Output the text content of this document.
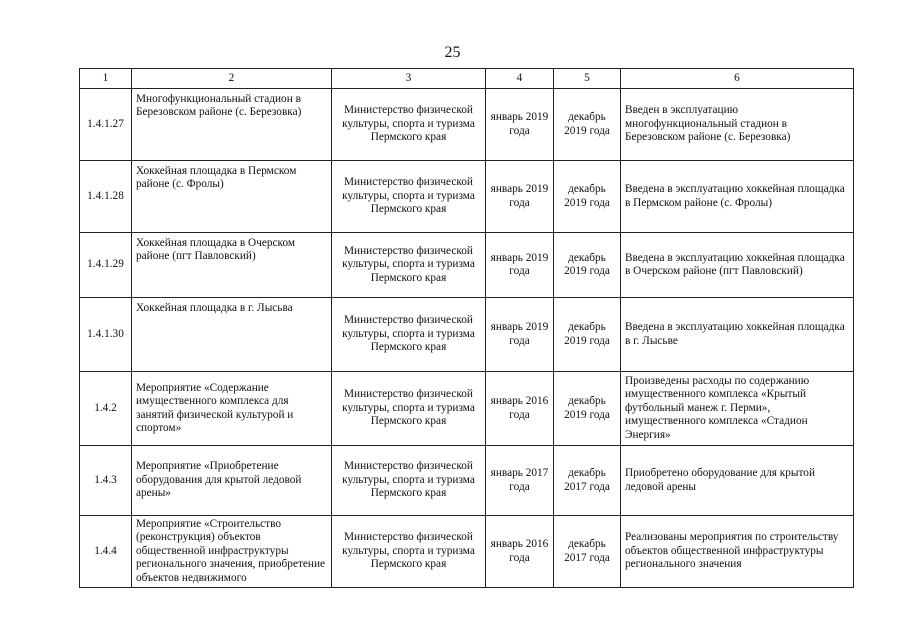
25
1	2	3	4	5	6
1.4.1.27	Многофункциональный стадион в Березовском районе (с. Березовка)	Министерство физической культуры, спорта и туризма Пермского края	январь 2019 года	декабрь 2019 года	Введен в эксплуатацию многофункциональный стадион в Березовском районе (с. Березовка)
1.4.1.28	Хоккейная площадка в Пермском районе (с. Фролы)	Министерство физической культуры, спорта и туризма Пермского края	январь 2019 года	декабрь 2019 года	Введена в эксплуатацию хоккейная площадка в Пермском районе (с. Фролы)
1.4.1.29	Хоккейная площадка в Очерском районе (пгт Павловский)	Министерство физической культуры, спорта и туризма Пермского края	январь 2019 года	декабрь 2019 года	Введена в эксплуатацию хоккейная площадка в Очерском районе (пгт Павловский)
1.4.1.30	Хоккейная площадка в г. Лысьва	Министерство физической культуры, спорта и туризма Пермского края	январь 2019 года	декабрь 2019 года	Введена в эксплуатацию хоккейная площадка в г. Лысьве
1.4.2	Мероприятие «Содержание имущественного комплекса для занятий физической культурой и спортом»	Министерство физической культуры, спорта и туризма Пермского края	январь 2016 года	декабрь 2019 года	Произведены расходы по содержанию имущественного комплекса «Крытый футбольный манеж г. Перми», имущественного комплекса «Стадион Энергия»
1.4.3	Мероприятие «Приобретение оборудования для крытой ледовой арены»	Министерство физической культуры, спорта и туризма Пермского края	январь 2017 года	декабрь 2017 года	Приобретено оборудование для крытой ледовой арены
1.4.4	Мероприятие «Строительство (реконструкция) объектов общественной инфраструктуры регионального значения, приобретение объектов недвижимого	Министерство физической культуры, спорта и туризма Пермского края	январь 2016 года	декабрь 2017 года	Реализованы мероприятия по строительству объектов общественной инфраструктуры регионального значения
